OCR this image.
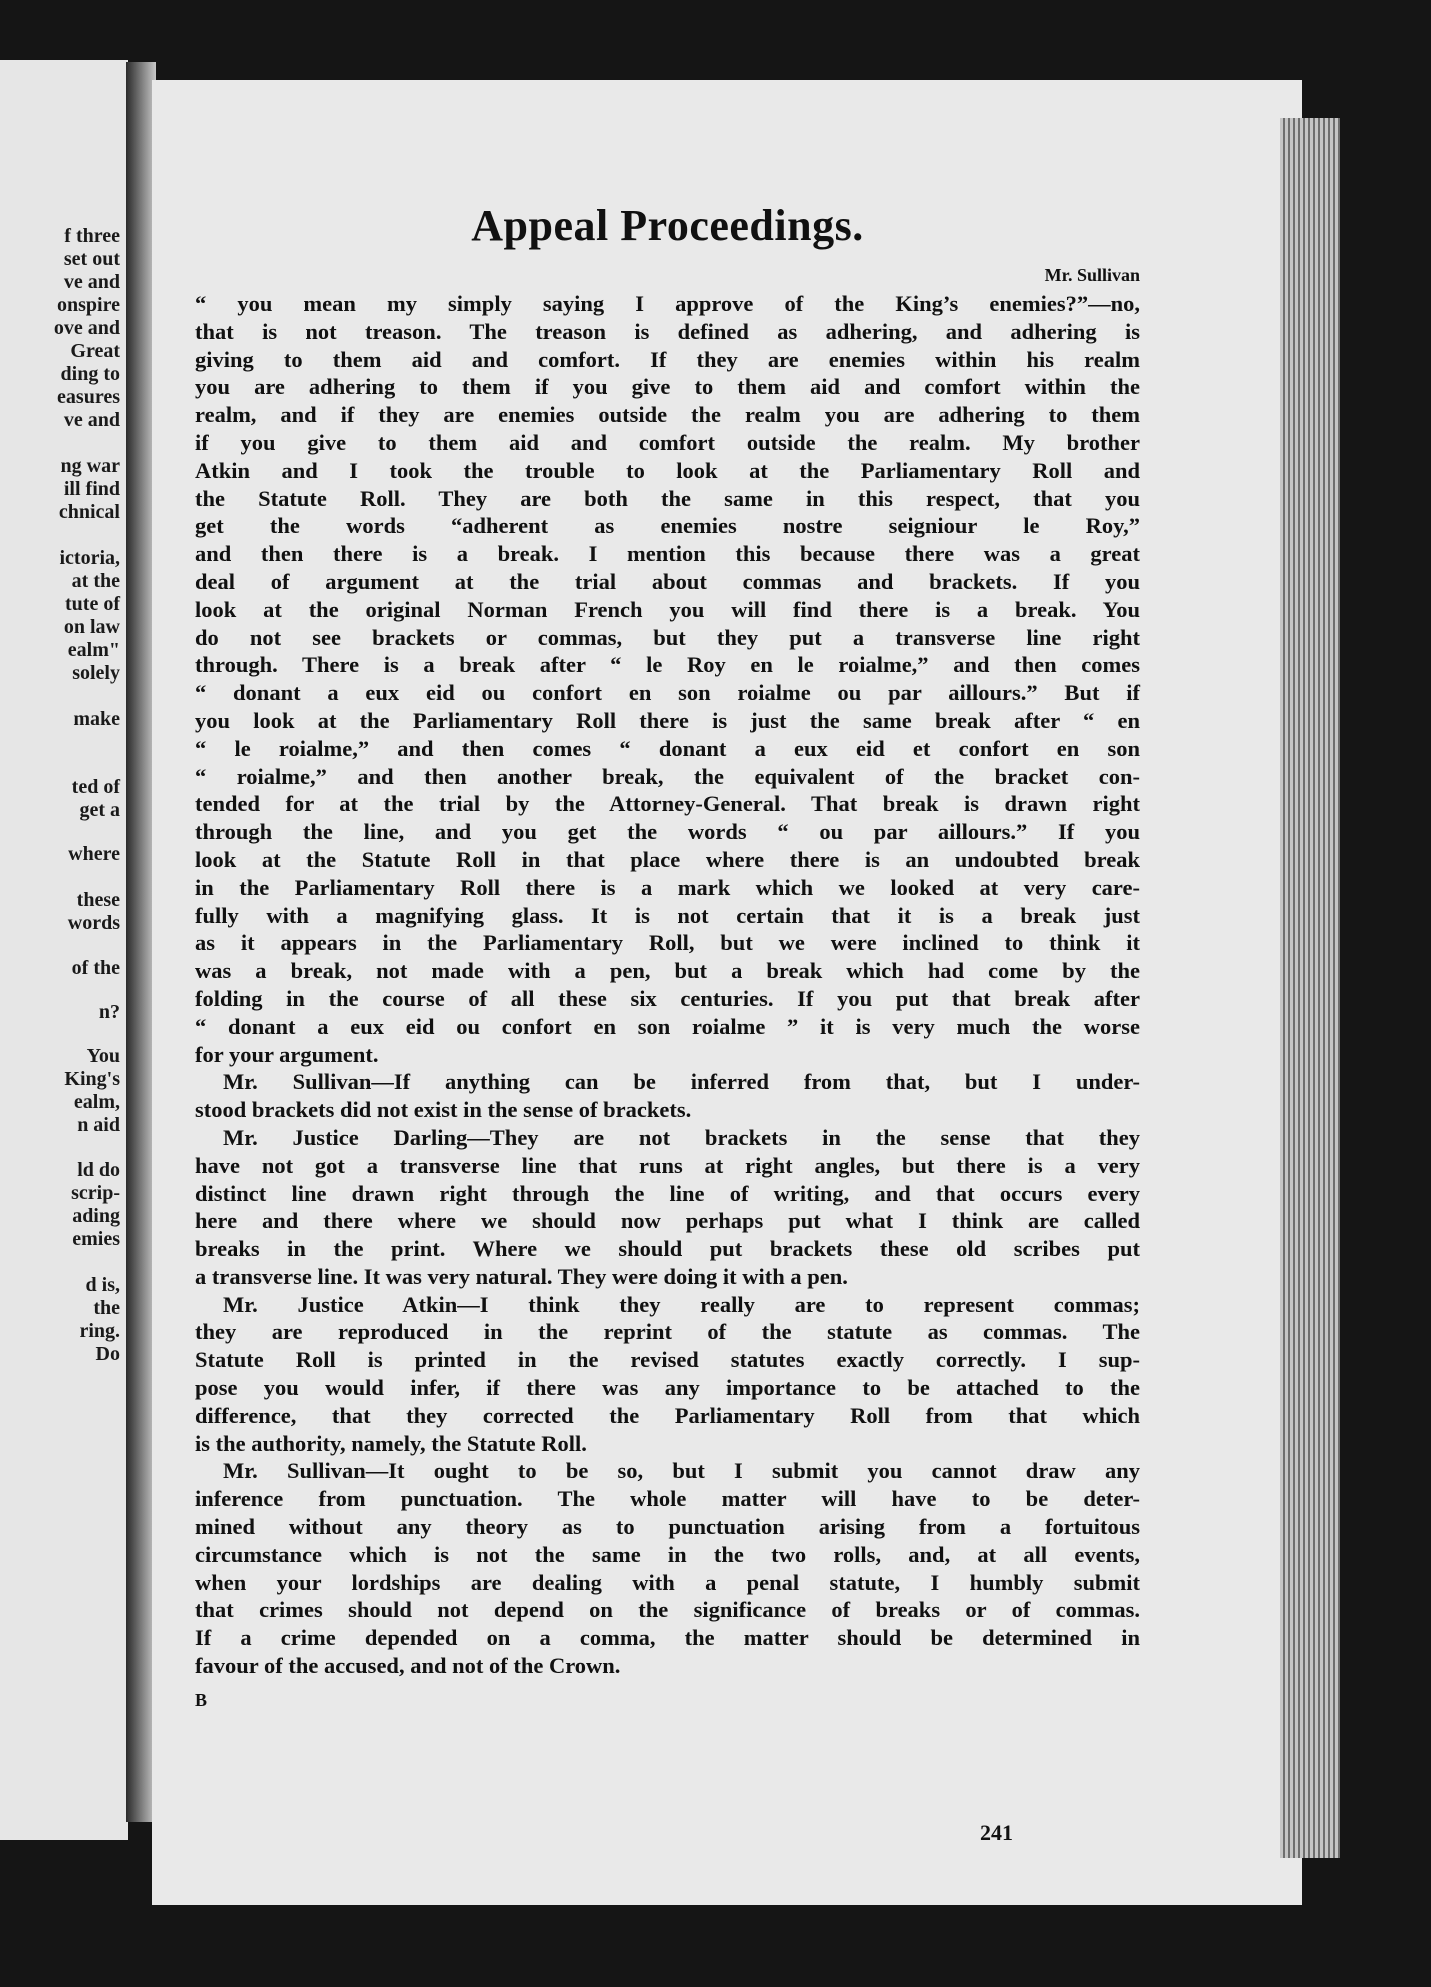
f three
set out
ve and
onspire
ove and
Great
ding to
easures
ve and
ng war
ill find
chnical
ictoria,
at the
tute of
on law
ealm"
solely
make
ted of
get a
where
these
words
of the
n?
You
King's
ealm,
n aid
ld do
scrip-
ading
emies
d is,
the
ring.
Do
Appeal Proceedings.
Mr. Sullivan
“ you mean my simply saying I approve of the King’s enemies?”—no,
that is not treason. The treason is defined as adhering, and adhering is
giving to them aid and comfort. If they are enemies within his realm
you are adhering to them if you give to them aid and comfort within the
realm, and if they are enemies outside the realm you are adhering to them
if you give to them aid and comfort outside the realm. My brother
Atkin and I took the trouble to look at the Parliamentary Roll and
the Statute Roll. They are both the same in this respect, that you
get the words “adherent as enemies nostre seigniour le Roy,”
and then there is a break. I mention this because there was a great
deal of argument at the trial about commas and brackets. If you
look at the original Norman French you will find there is a break. You
do not see brackets or commas, but they put a transverse line right
through. There is a break after “ le Roy en le roialme,” and then comes
“ donant a eux eid ou confort en son roialme ou par aillours.” But if
you look at the Parliamentary Roll there is just the same break after “ en
“ le roialme,” and then comes “ donant a eux eid et confort en son
“ roialme,” and then another break, the equivalent of the bracket con-
tended for at the trial by the Attorney-General. That break is drawn right
through the line, and you get the words “ ou par aillours.” If you
look at the Statute Roll in that place where there is an undoubted break
in the Parliamentary Roll there is a mark which we looked at very care-
fully with a magnifying glass. It is not certain that it is a break just
as it appears in the Parliamentary Roll, but we were inclined to think it
was a break, not made with a pen, but a break which had come by the
folding in the course of all these six centuries. If you put that break after
“ donant a eux eid ou confort en son roialme ” it is very much the worse
for your argument.
Mr. Sullivan—If anything can be inferred from that, but I under-
stood brackets did not exist in the sense of brackets.
Mr. Justice Darling—They are not brackets in the sense that they
have not got a transverse line that runs at right angles, but there is a very
distinct line drawn right through the line of writing, and that occurs every
here and there where we should now perhaps put what I think are called
breaks in the print. Where we should put brackets these old scribes put
a transverse line. It was very natural. They were doing it with a pen.
Mr. Justice Atkin—I think they really are to represent commas;
they are reproduced in the reprint of the statute as commas. The
Statute Roll is printed in the revised statutes exactly correctly. I sup-
pose you would infer, if there was any importance to be attached to the
difference, that they corrected the Parliamentary Roll from that which
is the authority, namely, the Statute Roll.
Mr. Sullivan—It ought to be so, but I submit you cannot draw any
inference from punctuation. The whole matter will have to be deter-
mined without any theory as to punctuation arising from a fortuitous
circumstance which is not the same in the two rolls, and, at all events,
when your lordships are dealing with a penal statute, I humbly submit
that crimes should not depend on the significance of breaks or of commas.
If a crime depended on a comma, the matter should be determined in
favour of the accused, and not of the Crown.
B
241
